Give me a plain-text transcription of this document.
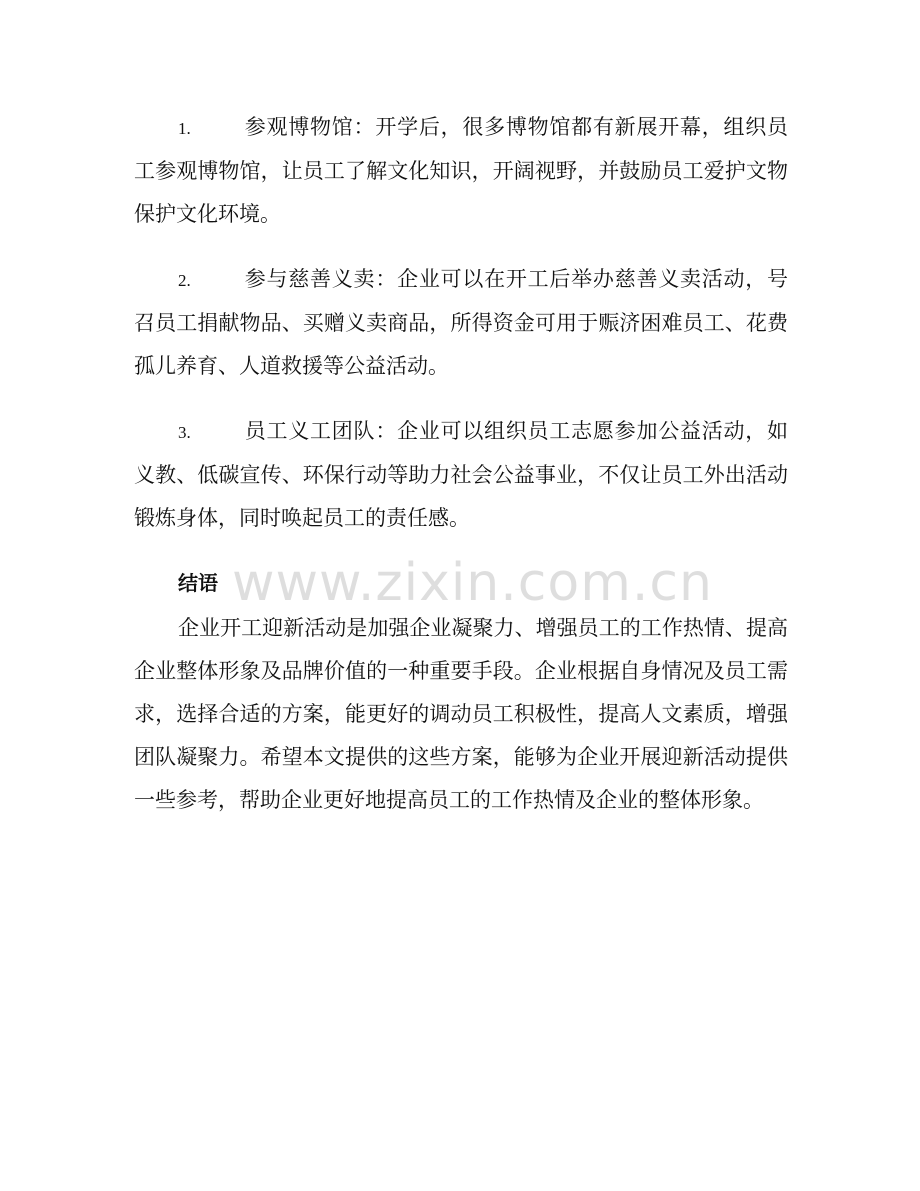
1.	参观博物馆：开学后，很多博物馆都有新展开幕，组织员工参观博物馆，让员工了解文化知识，开阔视野，并鼓励员工爱护文物保护文化环境。
2.	参与慈善义卖：企业可以在开工后举办慈善义卖活动，号召员工捐献物品、买赠义卖商品，所得资金可用于赈济困难员工、花费孤儿养育、人道救援等公益活动。
3.	员工义工团队：企业可以组织员工志愿参加公益活动，如义教、低碳宣传、环保行动等助力社会公益事业，不仅让员工外出活动锻炼身体，同时唤起员工的责任感。
结语
企业开工迎新活动是加强企业凝聚力、增强员工的工作热情、提高企业整体形象及品牌价值的一种重要手段。企业根据自身情况及员工需求，选择合适的方案，能更好的调动员工积极性，提高人文素质，增强团队凝聚力。希望本文提供的这些方案，能够为企业开展迎新活动提供一些参考，帮助企业更好地提高员工的工作热情及企业的整体形象。
www.zixin.com.cn
